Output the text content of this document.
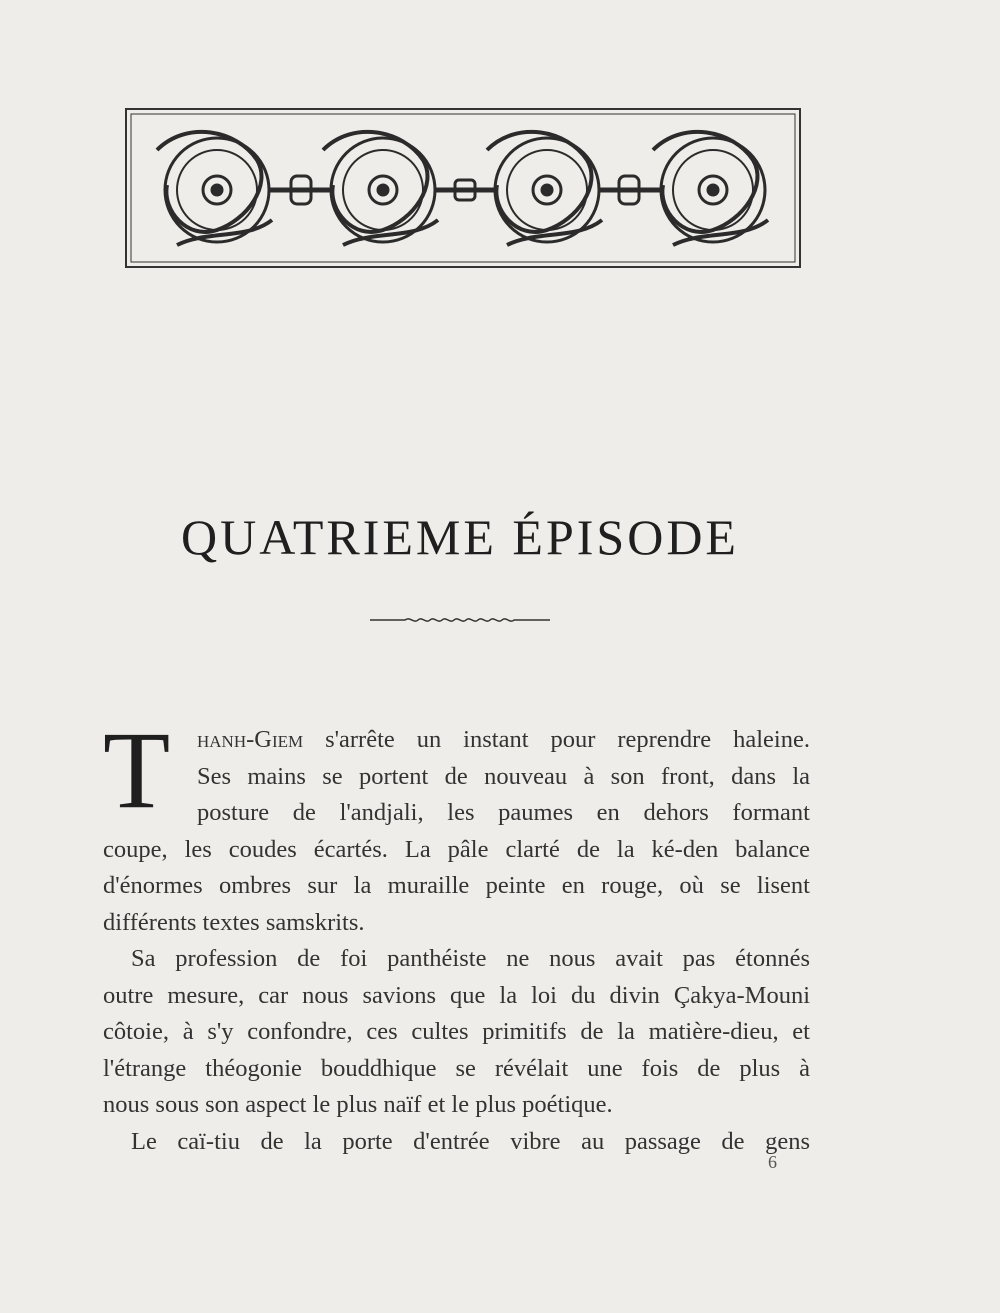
QUATRIEME ÉPISODE
T	hanh-Giem s'arrête un instant pour reprendre haleine.
Ses mains se portent de nouveau à son front, dans la
posture de l'andjali, les paumes en dehors formant
coupe, les coudes écartés. La pâle clarté de la ké-den balance
d'énormes ombres sur la muraille peinte en rouge, où se lisent
différents textes samskrits.
Sa profession de foi panthéiste ne nous avait pas étonnés
outre mesure, car nous savions que la loi du divin Çakya-Mouni
côtoie, à s'y confondre, ces cultes primitifs de la matière-dieu, et
l'étrange théogonie bouddhique se révélait une fois de plus à
nous sous son aspect le plus naïf et le plus poétique.
Le caï-tiu de la porte d'entrée vibre au passage de gens
6
